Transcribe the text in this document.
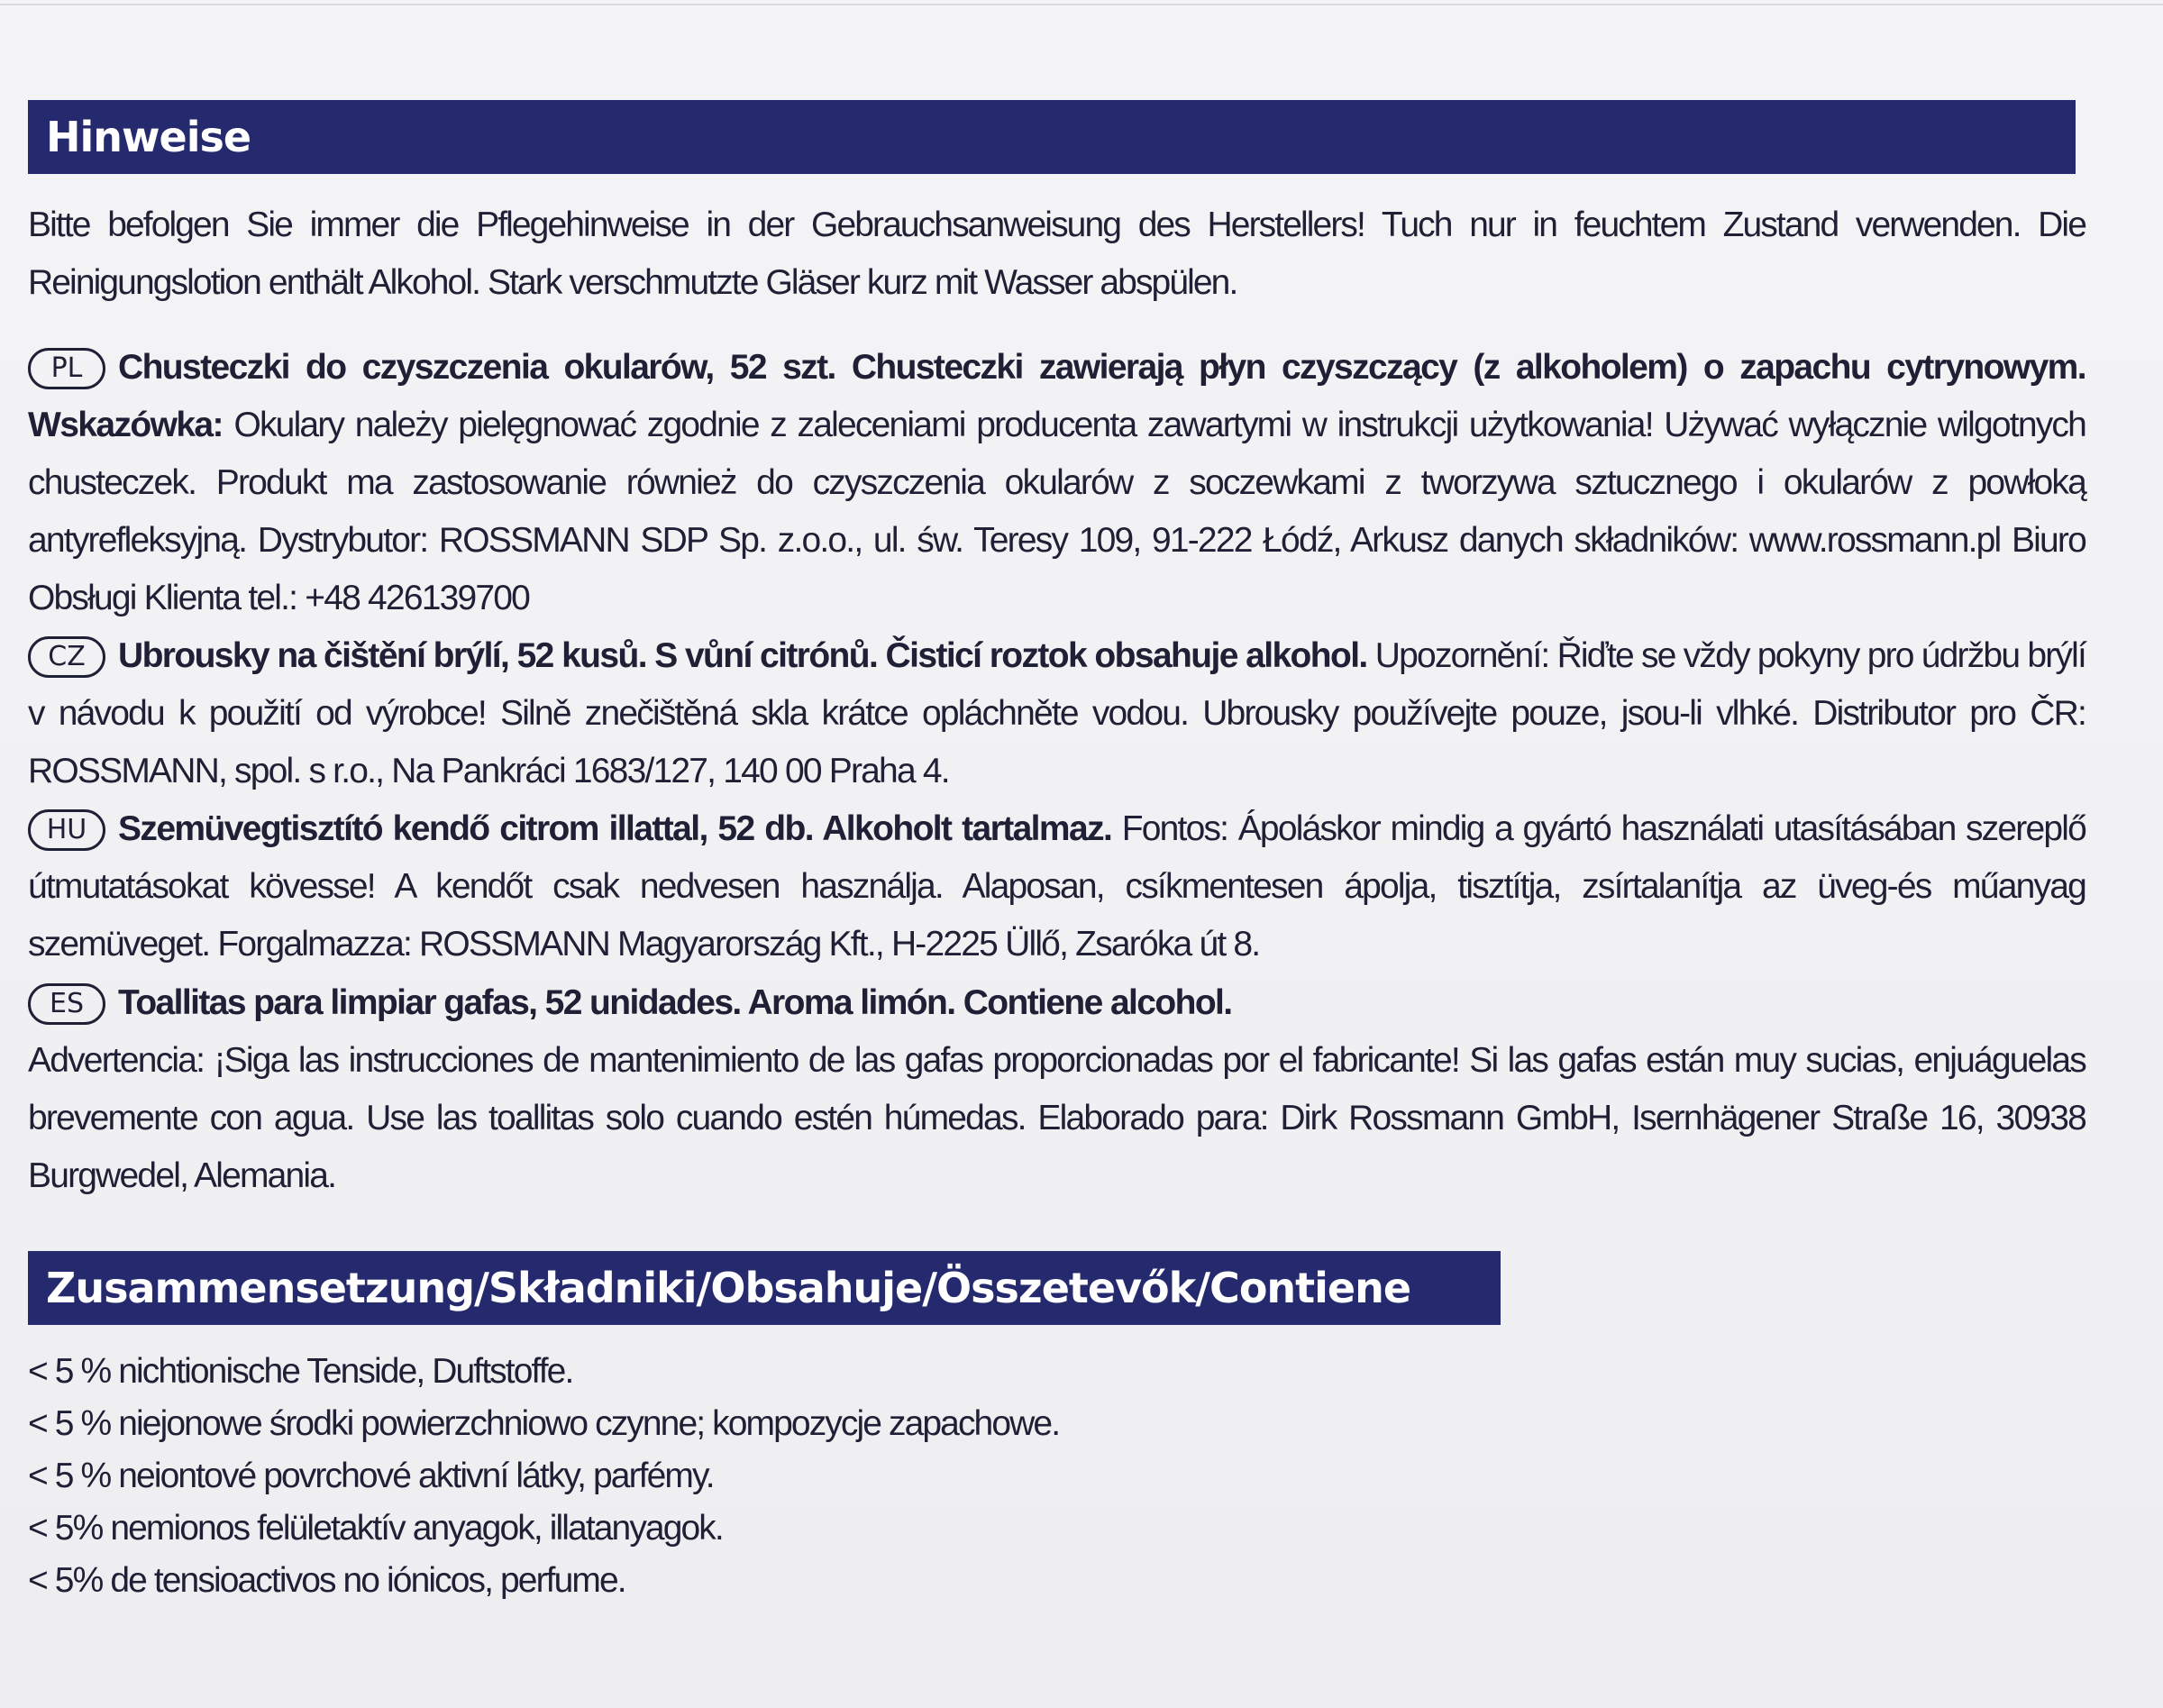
Hinweise
Bitte befolgen Sie immer die Pflegehinweise in der Gebrauchsanweisung des Herstellers! Tuch nur in feuchtem Zustand verwenden. Die Reinigungslotion enthält Alkohol. Stark verschmutzte Gläser kurz mit Wasser abspülen.
PL Chusteczki do czyszczenia okularów, 52 szt. Chusteczki zawierają płyn czyszczący (z alkoholem) o zapachu cytrynowym. Wskazówka: Okulary należy pielęgnować zgodnie z zaleceniami producenta zawartymi w instrukcji użytkowania! Używać wyłącznie wilgotnych chusteczek. Produkt ma zastosowanie również do czyszczenia okularów z soczewkami z tworzywa sztucznego i okularów z powłoką antyrefleksyjną. Dystrybutor: ROSSMANN SDP Sp. z.o.o., ul. św. Teresy 109, 91-222 Łódź, Arkusz danych składników: www.rossmann.pl Biuro Obsługi Klienta tel.: +48 426139700
CZ Ubrousky na čištění brýlí, 52 kusů. S vůní citrónů. Čisticí roztok obsahuje alkohol. Upozornění: Řiďte se vždy pokyny pro údržbu brýlí v návodu k použití od výrobce! Silně znečištěná skla krátce opláchněte vodou. Ubrousky používejte pouze, jsou-li vlhké. Distributor pro ČR: ROSSMANN, spol. s r.o., Na Pankráci 1683/127, 140 00 Praha 4.
HU Szemüvegtisztító kendő citrom illattal, 52 db. Alkoholt tartalmaz. Fontos: Ápoláskor mindig a gyártó használati utasításában szereplő útmutatásokat kövesse! A kendőt csak nedvesen használja. Alaposan, csíkmentesen ápolja, tisztítja, zsírtalanítja az üveg-és műanyag szemüveget. Forgalmazza: ROSSMANN Magyarország Kft., H-2225 Üllő, Zsaróka út 8.
ES Toallitas para limpiar gafas, 52 unidades. Aroma limón. Contiene alcohol.
Advertencia: ¡Siga las instrucciones de mantenimiento de las gafas proporcionadas por el fabricante! Si las gafas están muy sucias, enjuáguelas brevemente con agua. Use las toallitas solo cuando estén húmedas. Elaborado para: Dirk Rossmann GmbH, Isernhägener Straße 16, 30938 Burgwedel, Alemania.
Zusammensetzung/Składniki/Obsahuje/Összetevők/Contiene
< 5 % nichtionische Tenside, Duftstoffe.
< 5 % niejonowe środki powierzchniowo czynne; kompozycje zapachowe.
< 5 % neiontové povrchové aktivní látky, parfémy.
< 5% nemionos felületaktív anyagok, illatanyagok.
< 5% de tensioactivos no iónicos, perfume.
